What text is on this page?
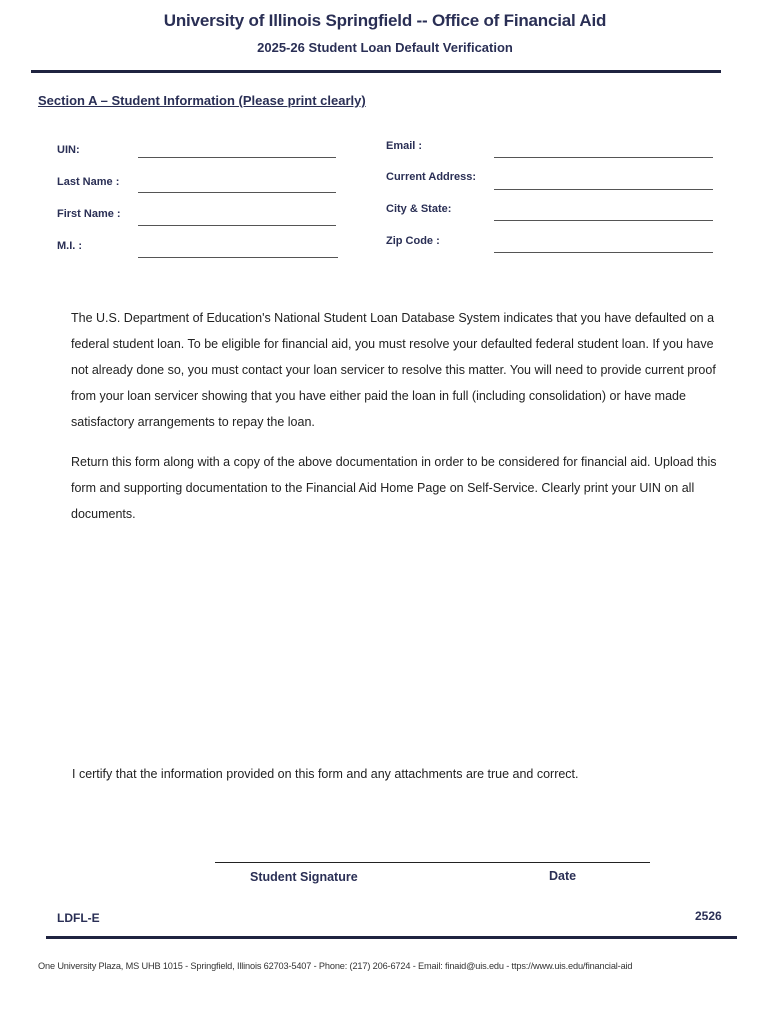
University of Illinois Springfield -- Office of Financial Aid
2025-26 Student Loan Default Verification
Section A – Student Information (Please print clearly)
UIN:
Last Name :
First Name :
M.I. :
Email :
Current Address:
City & State:
Zip Code :
The U.S. Department of Education's National Student Loan Database System indicates that you have defaulted on a federal student loan. To be eligible for financial aid, you must resolve your defaulted federal student loan. If you have not already done so, you must contact your loan servicer to resolve this matter. You will need to provide current proof from your loan servicer showing that you have either paid the loan in full (including consolidation) or have made satisfactory arrangements to repay the loan.
Return this form along with a copy of the above documentation in order to be considered for financial aid. Upload this form and supporting documentation to the Financial Aid Home Page on Self-Service. Clearly print your UIN on all documents.
I certify that the information provided on this form and any attachments are true and correct.
Student Signature	Date
LDFL-E	2526
One University Plaza, MS UHB 1015 - Springfield, Illinois 62703-5407 - Phone: (217) 206-6724 - Email: finaid@uis.edu - ttps://www.uis.edu/financial-aid
